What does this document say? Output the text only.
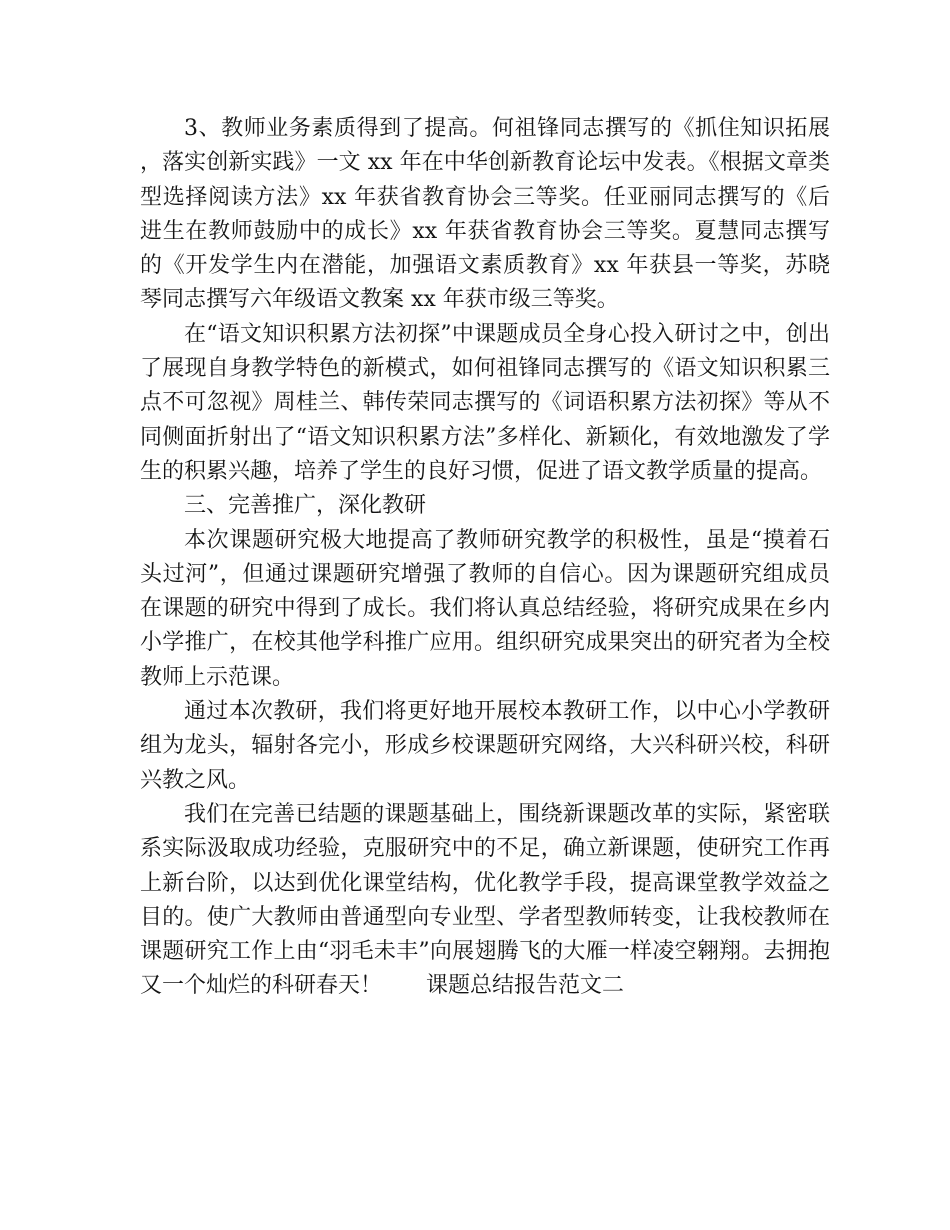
3、教师业务素质得到了提高。何祖锋同志撰写的《抓住知识拓展，落实创新实践》一文 xx 年在中华创新教育论坛中发表。《根据文章类型选择阅读方法》xx 年获省教育协会三等奖。任亚丽同志撰写的《后进生在教师鼓励中的成长》xx 年获省教育协会三等奖。夏慧同志撰写的《开发学生内在潜能，加强语文素质教育》xx 年获县一等奖，苏晓琴同志撰写六年级语文教案 xx 年获市级三等奖。

在“语文知识积累方法初探”中课题成员全身心投入研讨之中，创出了展现自身教学特色的新模式，如何祖锋同志撰写的《语文知识积累三点不可忽视》周桂兰、韩传荣同志撰写的《词语积累方法初探》等从不同侧面折射出了“语文知识积累方法”多样化、新颖化，有效地激发了学生的积累兴趣，培养了学生的良好习惯，促进了语文教学质量的提高。

三、完善推广，深化教研

本次课题研究极大地提高了教师研究教学的积极性，虽是“摸着石头过河”，但通过课题研究增强了教师的自信心。因为课题研究组成员在课题的研究中得到了成长。我们将认真总结经验，将研究成果在乡内小学推广，在校其他学科推广应用。组织研究成果突出的研究者为全校教师上示范课。

通过本次教研，我们将更好地开展校本教研工作，以中心小学教研组为龙头，辐射各完小，形成乡校课题研究网络，大兴科研兴校，科研兴教之风。

我们在完善已结题的课题基础上，围绕新课题改革的实际，紧密联系实际汲取成功经验，克服研究中的不足，确立新课题，使研究工作再上新台阶，以达到优化课堂结构，优化教学手段，提高课堂教学效益之目的。使广大教师由普通型向专业型、学者型教师转变，让我校教师在课题研究工作上由“羽毛未丰”向展翅腾飞的大雁一样凌空翱翔。去拥抱又一个灿烂的科研春天！ 课题总结报告范文二
